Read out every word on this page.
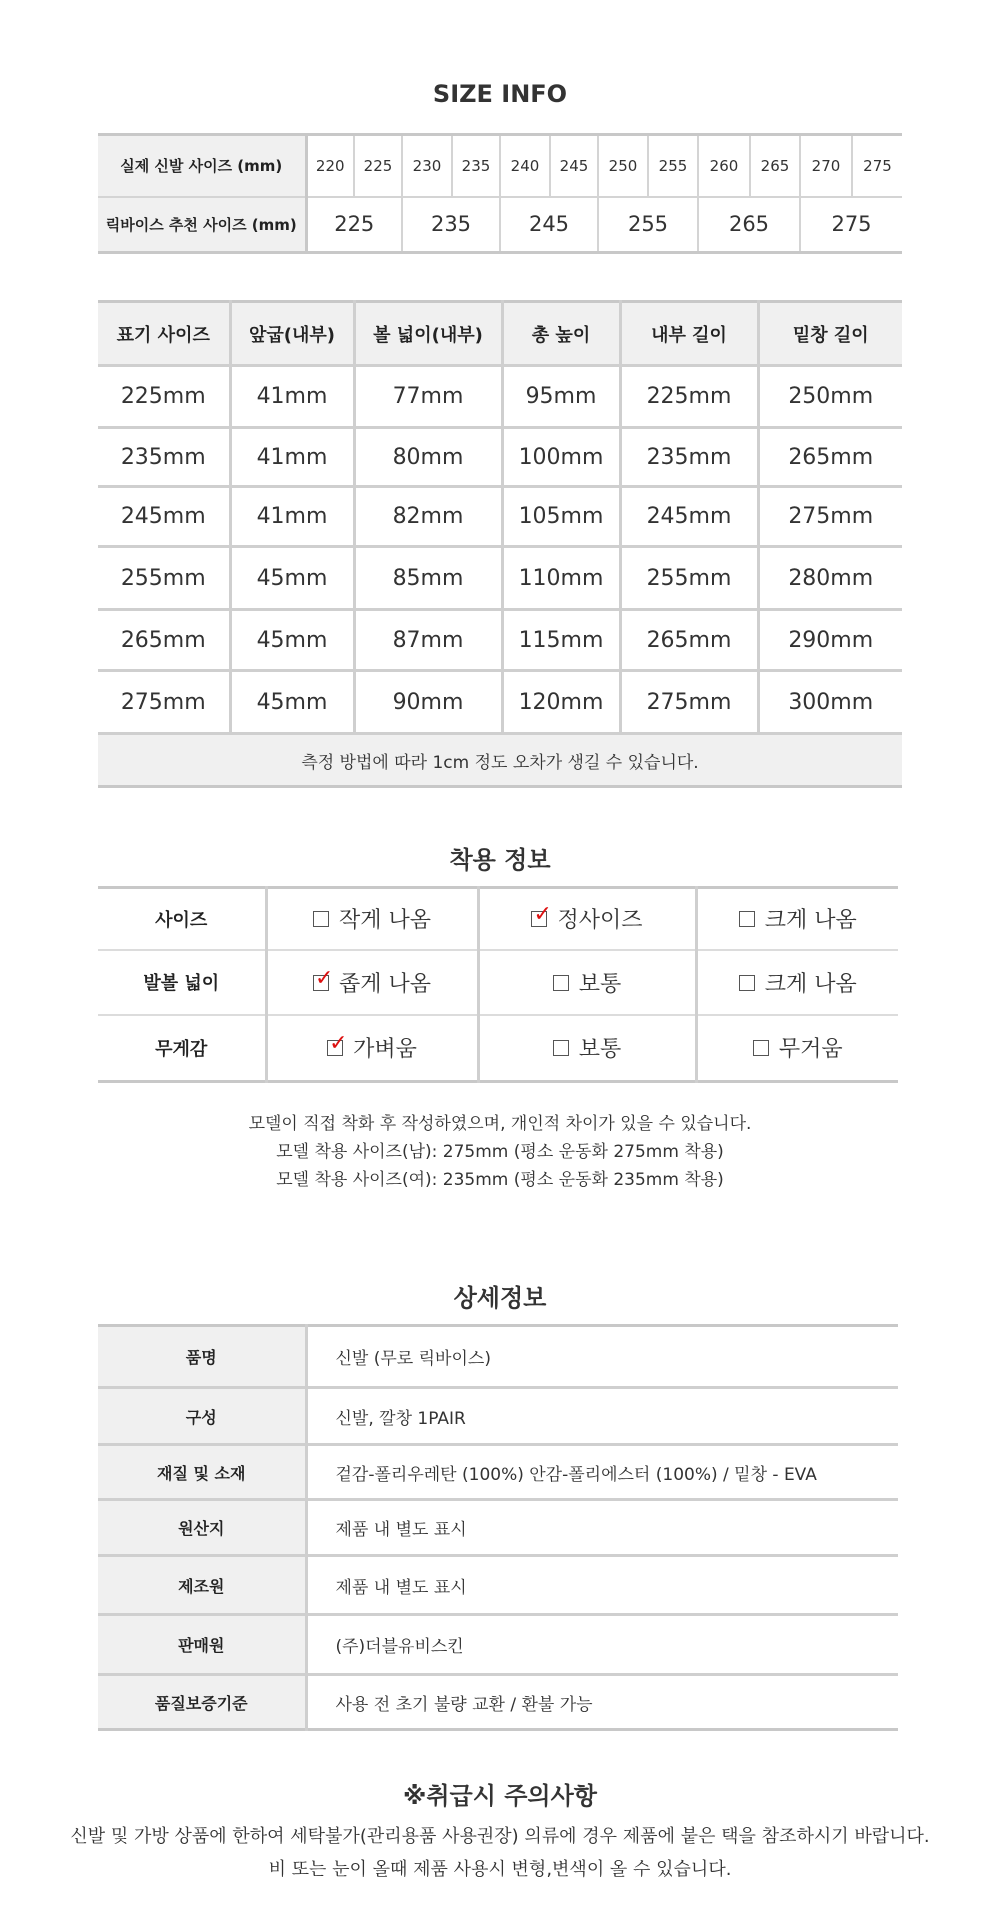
SIZE INFO
실제 신발 사이즈 (mm)	220	225	230	235	240	245	250	255	260	265	270	275
릭바이스 추천 사이즈 (mm)	225		235		245		255		265		275	
표기 사이즈	앞굽(내부)	볼 넓이(내부)	총 높이	내부 길이	밑창 길이
225mm	41mm	77mm	95mm	225mm	250mm
235mm	41mm	80mm	100mm	235mm	265mm
245mm	41mm	82mm	105mm	245mm	275mm
255mm	45mm	85mm	110mm	255mm	280mm
265mm	45mm	87mm	115mm	265mm	290mm
275mm	45mm	90mm	120mm	275mm	300mm
측정 방법에 따라 1cm 정도 오차가 생길 수 있습니다.					
착용 정보
사이즈	작게 나옴	✓ 정사이즈	크게 나옴
발볼 넓이	✓ 좁게 나옴	보통	크게 나옴
무게감	✓ 가벼움	보통	무거움
모델이 직접 착화 후 작성하였으며, 개인적 차이가 있을 수 있습니다.
모델 착용 사이즈(남): 275mm (평소 운동화 275mm 착용)
모델 착용 사이즈(여): 235mm (평소 운동화 235mm 착용)
상세정보
품명	신발 (무로 릭바이스)
구성	신발, 깔창 1PAIR
재질 및 소재	겉감-폴리우레탄 (100%) 안감-폴리에스터 (100%) / 밑창 - EVA
원산지	제품 내 별도 표시
제조원	제품 내 별도 표시
판매원	(주)더블유비스킨
품질보증기준	사용 전 초기 불량 교환 / 환불 가능
※취급시 주의사항
신발 및 가방 상품에 한하여 세탁불가(관리용품 사용권장) 의류에 경우 제품에 붙은 택을 참조하시기 바랍니다.
비 또는 눈이 올때 제품 사용시 변형,변색이 올 수 있습니다.
